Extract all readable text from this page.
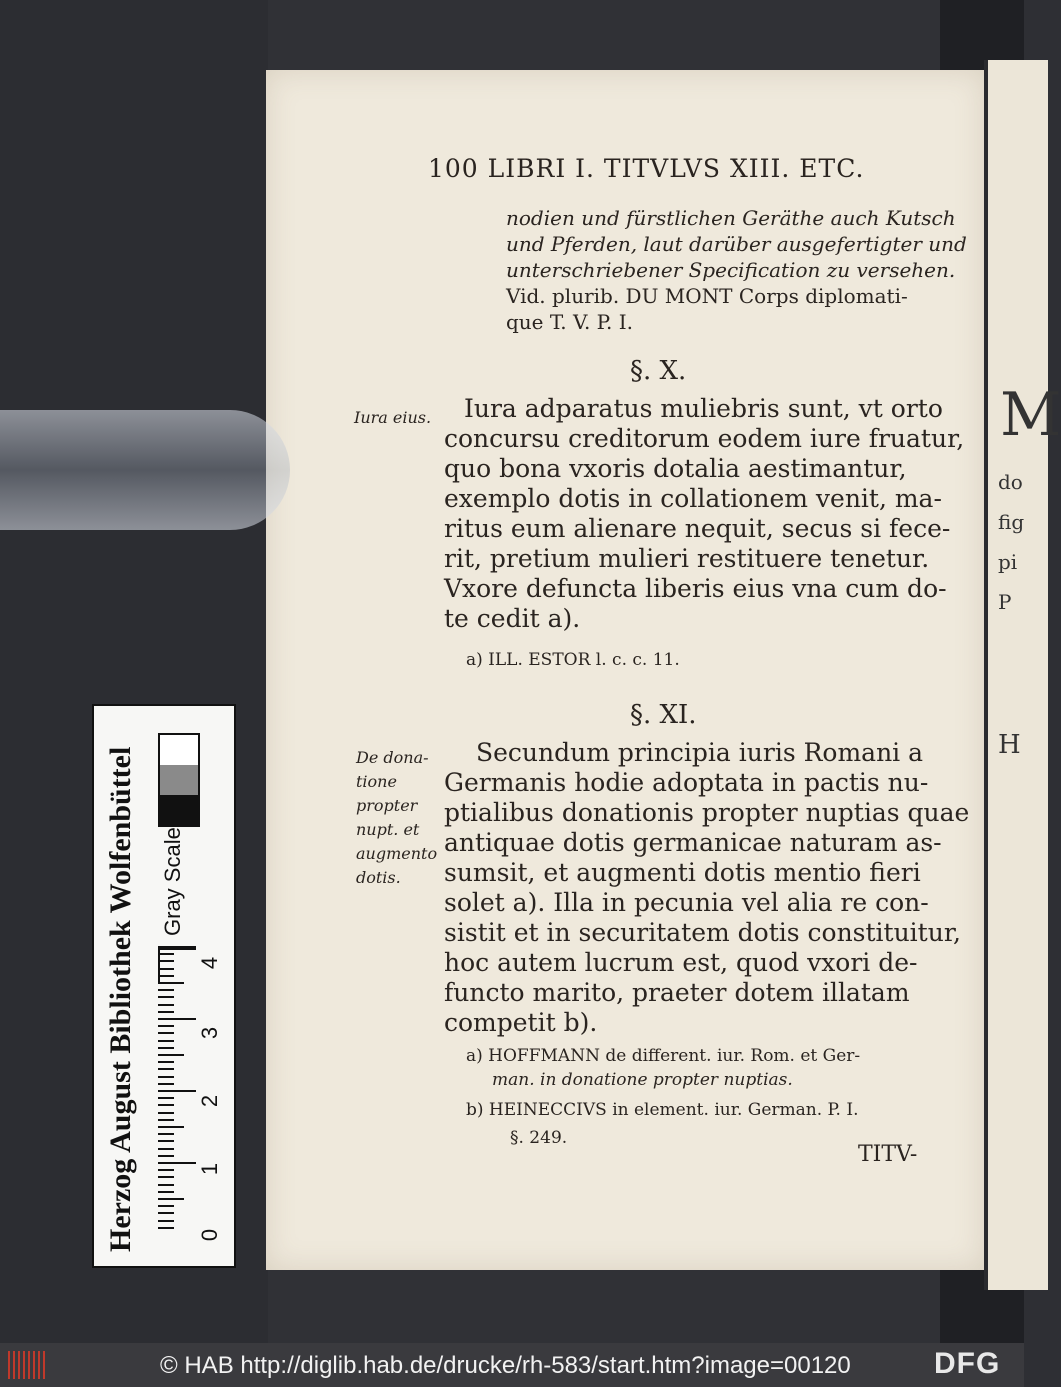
M
do
fig
pi
P
H
100 LIBRI I. TITVLVS XIII. ETC.
nodien und fürstlichen Geräthe auch Kutsch
und Pferden, laut darüber ausgefertigter und
unterschriebener Specification zu versehen.
Vid. plurib. DU MONT Corps diplomati-
que T. V. P. I.
§. X.
Iura eius. Iura adparatus muliebris sunt, vt orto
concursu creditorum eodem iure fruatur,
quo bona vxoris dotalia aestimantur,
exemplo dotis in collationem venit, ma-
ritus eum alienare nequit, secus si fece-
rit, pretium mulieri restituere tenetur.
Vxore defuncta liberis eius vna cum do-
te cedit a).
a) ILL. ESTOR l. c. c. 11.
§. XI.
De dona-
tione
propter
nupt. et
augmento
dotis.
Secundum principia iuris Romani a
Germanis hodie adoptata in pactis nu-
ptialibus donationis propter nuptias quae
antiquae dotis germanicae naturam as-
sumsit, et augmenti dotis mentio fieri
solet a). Illa in pecunia vel alia re con-
sistit et in securitatem dotis constituitur,
hoc autem lucrum est, quod vxori de-
functo marito, praeter dotem illatam
competit b).
a) HOFFMANN de different. iur. Rom. et Ger-
man. in donatione propter nuptias.
b) HEINECCIVS in element. iur. German. P. I.
§. 249.
TITV-
Herzog August Bibliothek Wolfenbüttel Gray Scale
4
3
2
1
0
© HAB http://diglib.hab.de/drucke/rh-583/start.htm?image=00120	DFG
